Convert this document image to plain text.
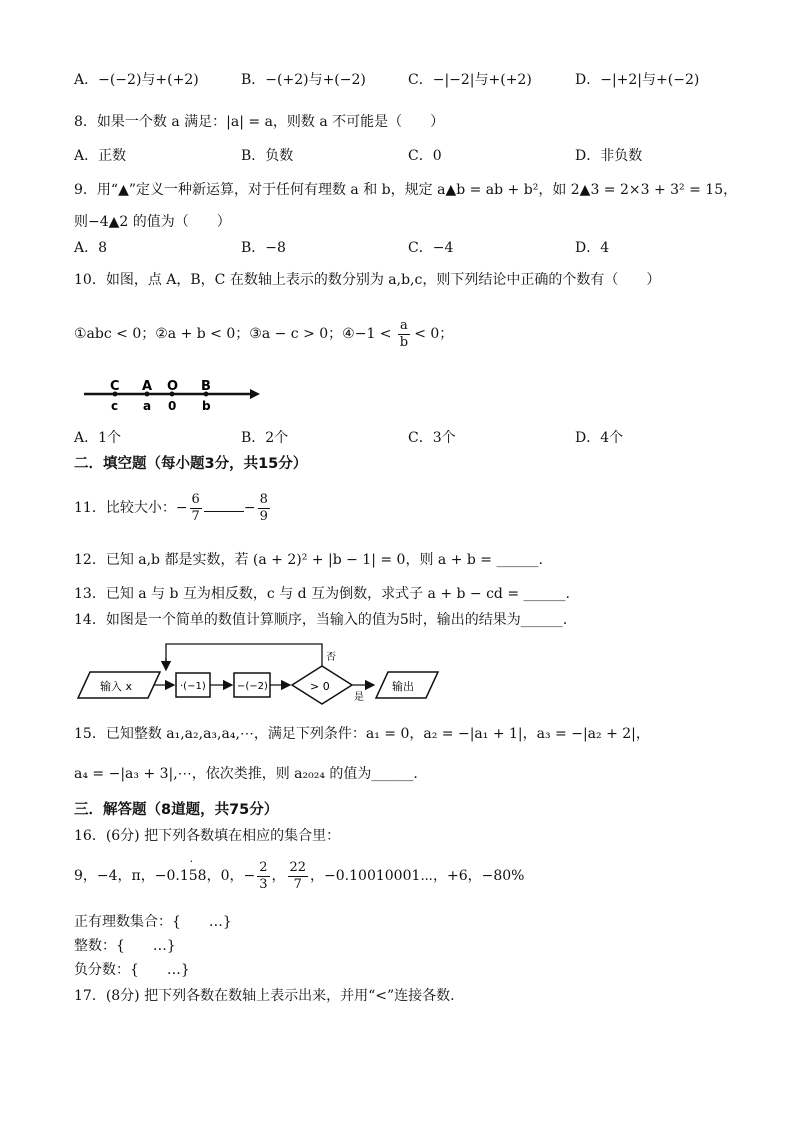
A．−(−2)与+(+2)	B．−(+2)与+(−2)	C．−|−2|与+(+2)	D．−|+2|与+(−2)
8．如果一个数 a 满足：|a| = a，则数 a 不可能是（　　）
A．正数	B．负数	C．0	D．非负数
9．用“▲”定义一种新运算，对于任何有理数 a 和 b，规定 a▲b = ab + b²，如 2▲3 = 2×3 + 3² = 15，
则−4▲2 的值为（　　）
A．8	B．−8	C．−4	D．4
10．如图，点 A，B，C 在数轴上表示的数分别为 a,b,c，则下列结论中正确的个数有（　　）
①abc < 0；②a + b < 0；③a − c > 0；④−1 < $\frac{a}{b} < 0$；
C A O B
c a 0 b
A．1个	B．2个	C．3个	D．4个
二．填空题（每小题3分，共15分）
11．比较大小：− $\frac{6}{7}$	− $\frac{8}{9}$
12．已知 a,b 都是实数，若 (a + 2)² + |b − 1| = 0，则 a + b = ______.
13．已知 a 与 b 互为相反数，c 与 d 互为倒数，求式子 a + b − cd = ______.
14．如图是一个简单的数值计算顺序，当输入的值为5时，输出的结果为______.
输入 x	·(−1)	−(−2)	> 0
否
是
输出
15．已知整数 a₁,a₂,a₃,a₄,⋯，满足下列条件：a₁ = 0，a₂ = −|a₁ + 1|，a₃ = −|a₂ + 2|，
a₄ = −|a₃ + 3|,⋯，依次类推，则 a₂₀₂₄ 的值为______.
三．解答题（8道题，共75分）
16．(6分) 把下列各数填在相应的集合里：
9，−4，π，−0.15
·
8，0，− $\frac{2}{3}$ ， $\frac{22}{7}$ ，−0.10010001⋯，+6，−80%
正有理数集合：{　　…}
整数：{　　…}
负分数：{　　…}
17．(8分) 把下列各数在数轴上表示出来，并用“<”连接各数.
